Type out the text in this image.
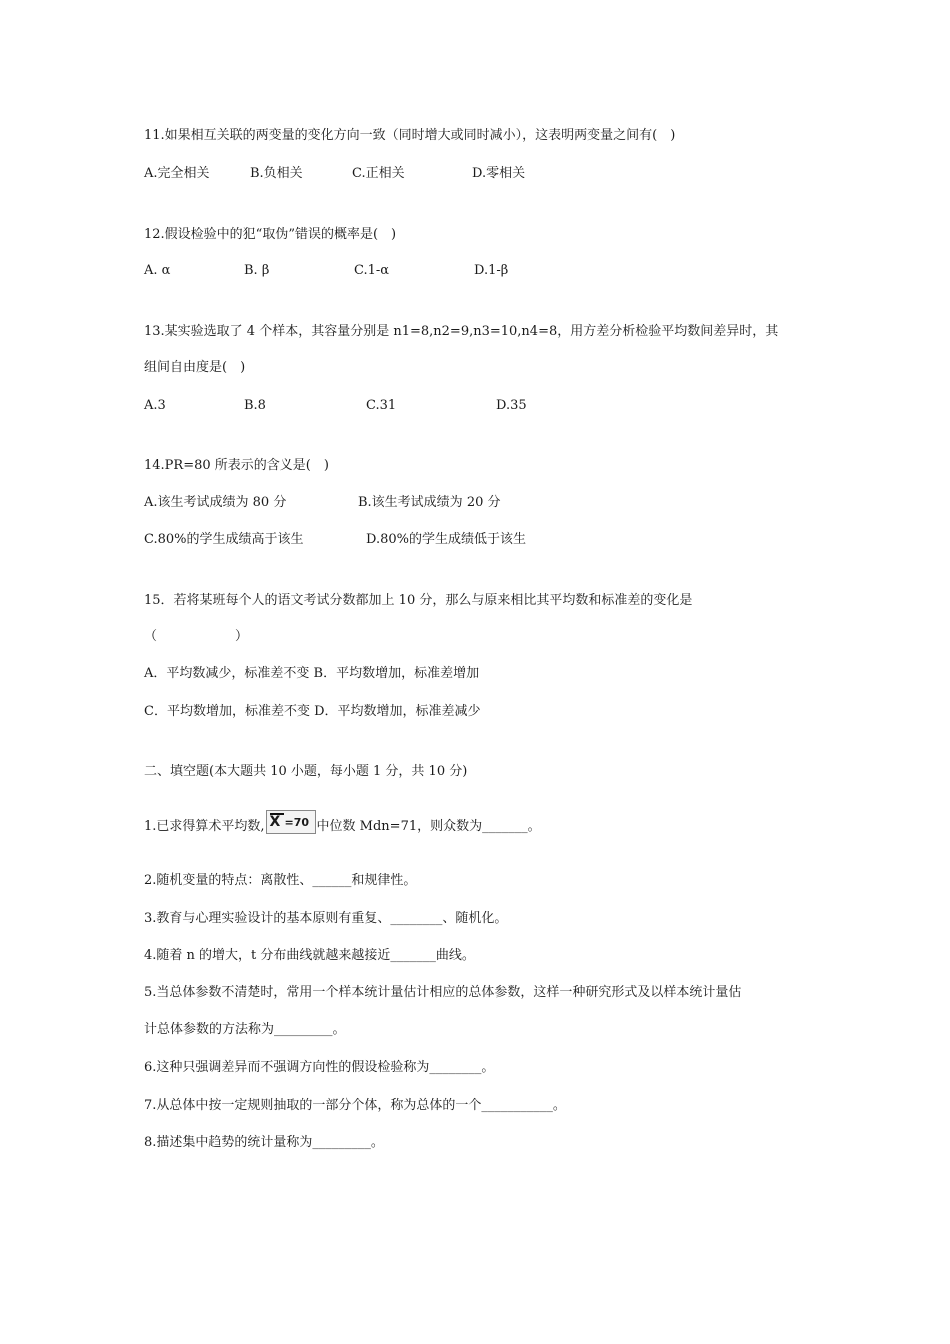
11.如果相互关联的两变量的变化方向一致（同时增大或同时减小），这表明两变量之间有(　)
A.完全相关	B.负相关	C.正相关	D.零相关
12.假设检验中的犯“取伪”错误的概率是(　)
A. α	B. β	C.1-α	D.1-β
13.某实验选取了 4 个样本，其容量分别是 n1=8,n2=9,n3=10,n4=8，用方差分析检验平均数间差异时，其
组间自由度是(　)
A.3	B.8	C.31	D.35
14.PR=80 所表示的含义是(　)
A.该生考试成绩为 80 分	B.该生考试成绩为 20 分
C.80%的学生成绩高于该生	D.80%的学生成绩低于该生
15．若将某班每个人的语文考试分数都加上 10 分，那么与原来相比其平均数和标准差的变化是
（　　　　　　）
A．平均数减少，标准差不变 B．平均数增加，标准差增加
C．平均数增加，标准差不变 D．平均数增加，标准差减少
二、填空题(本大题共 10 小题，每小题 1 分，共 10 分)
1.已求得算术平均数, X =70 中位数 Mdn=71，则众数为_______。
2.随机变量的特点：离散性、______和规律性。
3.教育与心理实验设计的基本原则有重复、________、随机化。
4.随着 n 的增大，t 分布曲线就越来越接近_______曲线。
5.当总体参数不清楚时，常用一个样本统计量估计相应的总体参数，这样一种研究形式及以样本统计量估
计总体参数的方法称为_________。
6.这种只强调差异而不强调方向性的假设检验称为________。
7.从总体中按一定规则抽取的一部分个体，称为总体的一个___________。
8.描述集中趋势的统计量称为_________。
